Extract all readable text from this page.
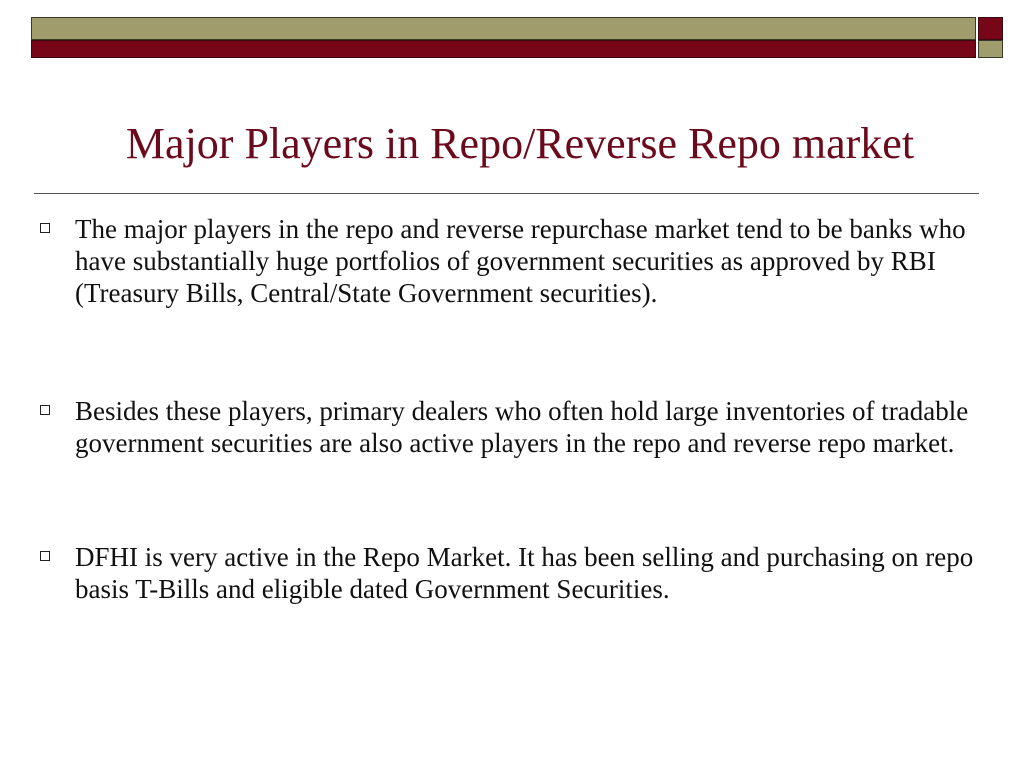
Major Players in Repo/Reverse Repo market
The major players in the repo and reverse repurchase market tend to be banks who have substantially huge portfolios of government securities as approved by RBI (Treasury Bills, Central/State Government securities).
Besides these players, primary dealers who often hold large inventories of tradable government securities are also active players in the repo and reverse repo market.
DFHI is very active in the Repo Market. It has been selling and purchasing on repo basis T-Bills and eligible dated Government Securities.
